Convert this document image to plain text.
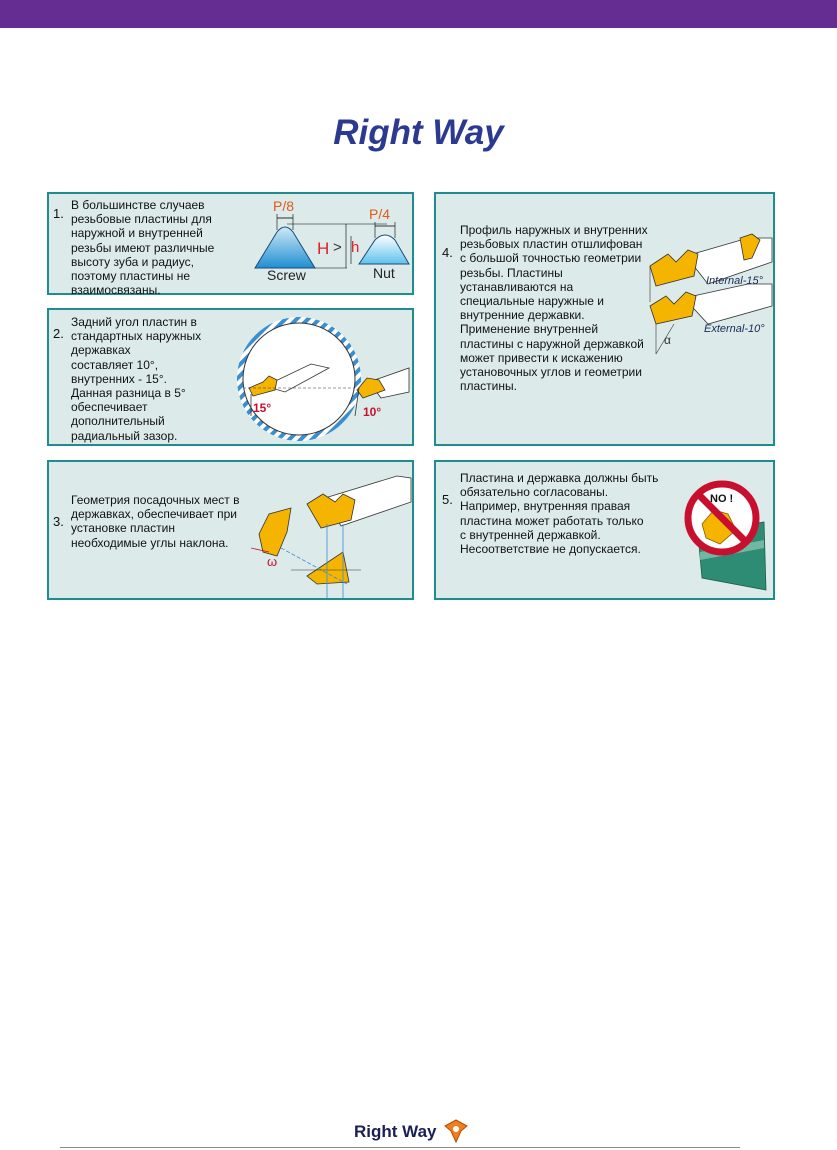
Right Way
1.
В большинстве случаев
резьбовые пластины для
наружной и внутренней
резьбы имеют различные
высоту зуба и радиус,
поэтому пластины не
взаимосвязаны.
P/8	P/4
H > h
Screw	Nut
2.
Задний угол пластин в
стандартных наружных
державках
составляет 10°,
внутренних - 15°.
Данная разница в 5°
обеспечивает
дополнительный
радиальный зазор.
15°	10°
3.
Геометрия посадочных мест в
державках, обеспечивает при
установке пластин
необходимые углы наклона.
ω
4.
Профиль наружных и внутренних
резьбовых пластин отшлифован
с большой точностью геометрии
резьбы. Пластины
устанавливаются на
специальные наружные и
внутренние державки.
Применение внутренней
пластины с наружной державкой
может привести к искажению
установочных углов и геометрии
пластины.
Internal-15°
External-10°
α
5.
Пластина и державка должны быть
обязательно согласованы.
Например, внутренняя правая
пластина может работать только
с внутренней державкой.
Несоответствие не допускается.
NO !
Right Way
